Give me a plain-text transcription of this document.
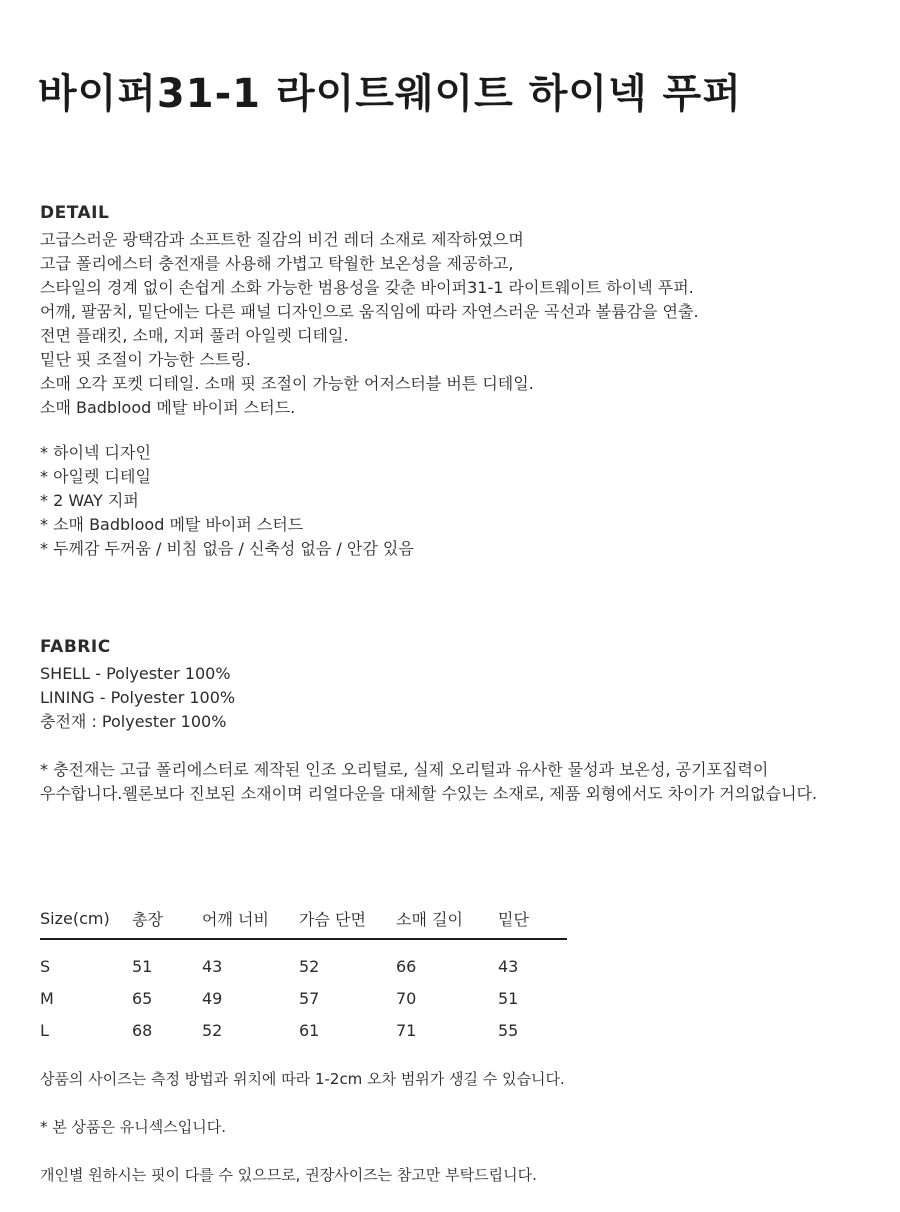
바이퍼31-1 라이트웨이트 하이넥 푸퍼
DETAIL
고급스러운 광택감과 소프트한 질감의 비건 레더 소재로 제작하였으며
고급 폴리에스터 충전재를 사용해 가볍고 탁월한 보온성을 제공하고,
스타일의 경계 없이 손쉽게 소화 가능한 범용성을 갖춘 바이퍼31-1 라이트웨이트 하이넥 푸퍼.
어깨, 팔꿈치, 밑단에는 다른 패널 디자인으로 움직임에 따라 자연스러운 곡선과 볼륨감을 연출.
전면 플래킷, 소매, 지퍼 풀러 아일렛 디테일.
밑단 핏 조절이 가능한 스트링.
소매 오각 포켓 디테일. 소매 핏 조절이 가능한 어저스터블 버튼 디테일.
소매 Badblood 메탈 바이퍼 스터드.
* 하이넥 디자인
* 아일렛 디테일
* 2 WAY 지퍼
* 소매 Badblood 메탈 바이퍼 스터드
* 두께감 두꺼움 / 비침 없음 / 신축성 없음 / 안감 있음
FABRIC
SHELL - Polyester 100%
LINING - Polyester 100%
충전재 : Polyester 100%
* 충전재는 고급 폴리에스터로 제작된 인조 오리털로, 실제 오리털과 유사한 물성과 보온성, 공기포집력이
우수합니다.웰론보다 진보된 소재이며 리얼다운을 대체할 수있는 소재로, 제품 외형에서도 차이가 거의없습니다.
Size(cm)	총장	어깨 너비	가슴 단면	소매 길이	밑단
S	51	43	52	66	43
M	65	49	57	70	51
L	68	52	61	71	55
상품의 사이즈는 측정 방법과 위치에 따라 1-2cm 오차 범위가 생길 수 있습니다.
* 본 상품은 유니섹스입니다.
개인별 원하시는 핏이 다를 수 있으므로, 권장사이즈는 참고만 부탁드립니다.
